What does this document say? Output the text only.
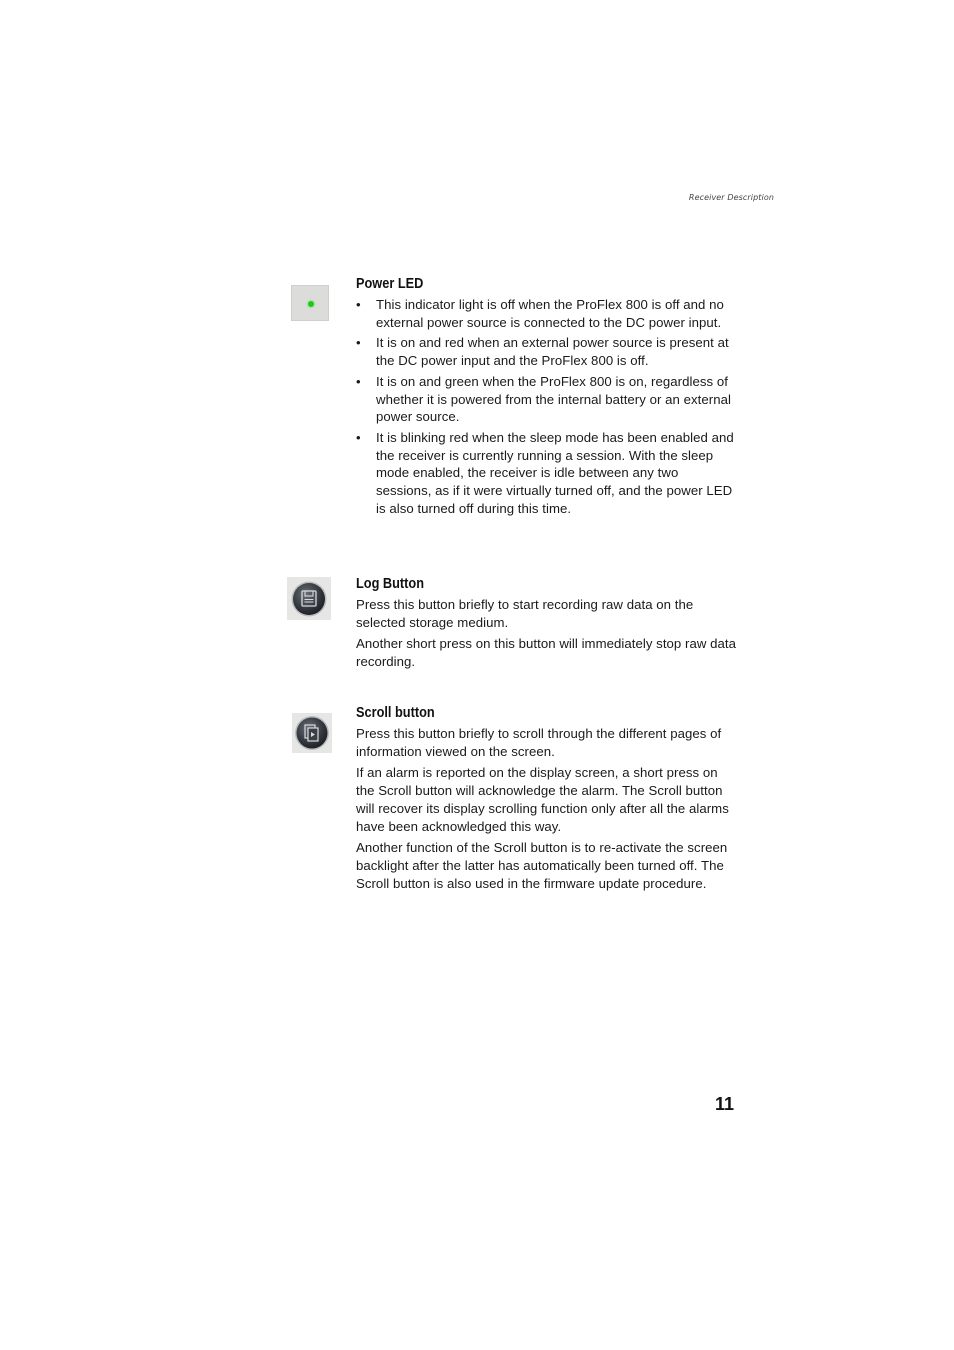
Receiver Description
Power LED
• This indicator light is off when the ProFlex 800 is off and no external power source is connected to the DC power input.
• It is on and red when an external power source is present at the DC power input and the ProFlex 800 is off.
• It is on and green when the ProFlex 800 is on, regardless of whether it is powered from the internal battery or an external power source.
• It is blinking red when the sleep mode has been enabled and the receiver is currently running a session. With the sleep mode enabled, the receiver is idle between any two sessions, as if it were virtually turned off, and the power LED is also turned off during this time.
Log Button

Press this button briefly to start recording raw data on the selected storage medium.

Another short press on this button will immediately stop raw data recording.

Scroll button

Press this button briefly to scroll through the different pages of information viewed on the screen.

If an alarm is reported on the display screen, a short press on the Scroll button will acknowledge the alarm. The Scroll button will recover its display scrolling function only after all the alarms have been acknowledged this way.

Another function of the Scroll button is to re-activate the screen backlight after the latter has automatically been turned off. The Scroll button is also used in the firmware update procedure.

11
